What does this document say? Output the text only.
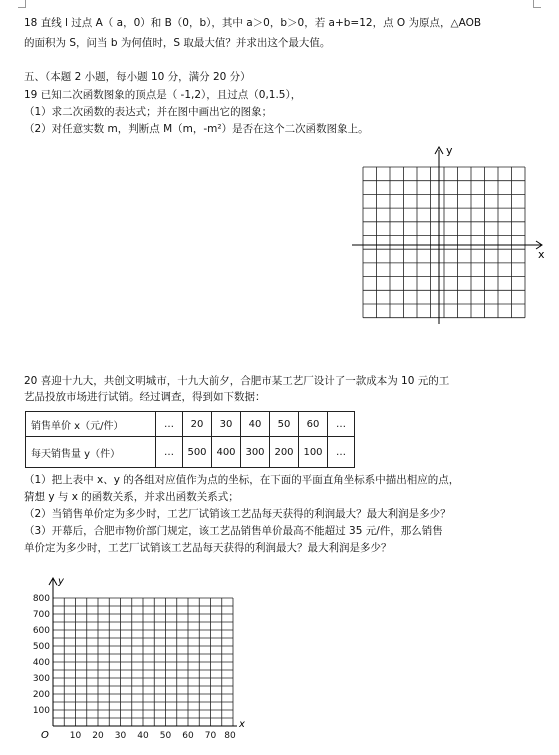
18 直线 l 过点 A（ a，0）和 B（0，b），其中 a＞0，b＞0，若 a+b=12，点 O 为原点，△AOB
的面积为 S，问当 b 为何值时，S 取最大值？并求出这个最大值。
五、（本题 2 小题，每小题 10 分，满分 20 分）
19 已知二次函数图象的顶点是（ -1,2），且过点（0,1.5），
（1）求二次函数的表达式；并在图中画出它的图象；
（2）对任意实数 m，判断点 M（m，-m²）是否在这个二次函数图象上。
y
x
20 喜迎十九大，共创文明城市，十九大前夕，合肥市某工艺厂设计了一款成本为 10 元的工
艺品投放市场进行试销。经过调查，得到如下数据：
销售单价 x（元/件）	…	20	30	40	50	60	…
每天销售量 y（件）	…	500	400	300	200	100	…
（1）把上表中 x、y 的各组对应值作为点的坐标，在下面的平面直角坐标系中描出相应的点，
猜想 y 与 x 的函数关系，并求出函数关系式；
（2）当销售单价定为多少时，工艺厂试销该工艺品每天获得的利润最大？最大利润是多少？
（3）开幕后，合肥市物价部门规定，该工艺品销售单价最高不能超过 35 元/件，那么销售
单价定为多少时，工艺厂试销该工艺品每天获得的利润最大？最大利润是多少？
800
700
600
500
400
300
200
100
10 20 30 40 50 60 70 80
y
x
O
